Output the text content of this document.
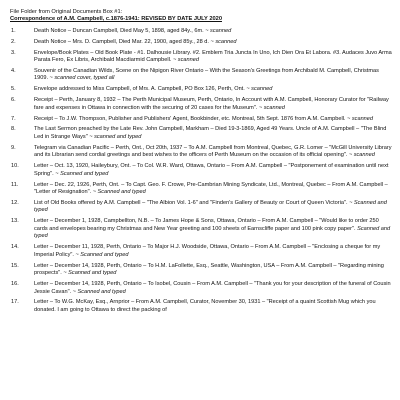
File Folder from Original Documents Box #1:
Correspondence of A.M. Campbell, c.1876-1941: REVISED BY DATE JULY 2020
1.	Death Notice – Duncan Campbell, Died May 5, 1898, aged 84y., 6m. ~ scanned
2.	Death Notice – Mrs. D. Campbell, Died Mar. 22, 1900, aged 85y., 28 d. ~ scanned
3.	Envelope/Book Plates – Old Book Plate - #1. Dalhousie Library. #2. Emblem Tria Juncta In Uno, Ich Dien Ora Et Labora. #3. Audaces Juvo Arma Parata Fero, Ex Libris, Archibald Macdiarmid Campbell. ~ scanned
4.	Souvenir of the Canadian Wilds, Scene on the Nipigon River Ontario – With the Season's Greetings from Archibald M. Campbell, Christmas 1909. ~ scanned cover, typed all
5.	Envelope addressed to Miss Campbell, of Mrs. A. Campbell, PO Box 126, Perth, Ont. ~ scanned
6.	Receipt – Perth, January 8, 1932 – The Perth Municipal Museum, Perth, Ontario, In Account with A.M. Campbell, Honorary Curator for "Railway fare and expenses in Ottawa in connection with the securing of 20 cases for the Museum". ~ scanned
7.	Receipt – To J.W. Thompson, Publisher and Publishers' Agent, Bookbinder, etc. Montreal, 5th Sept. 1876 from A.M. Campbell. ~ scanned
8.	The Last Sermon preached by the Late Rev. John Campbell, Markham – Died 19-3-1869, Aged 49 Years. Uncle of A.M. Campbell – "The Blind Led in Strange Ways" ~ scanned and typed
9.	Telegram via Canadian Pacific – Perth, Ont., Oct 20th, 1937 – To A.M. Campbell from Montreal, Quebec, G.R. Lomer – "McGill University Library and its Librarian send cordial greetings and best wishes to the officers of Perth Museum on the occasion of its official opening". ~ scanned
10.	Letter – Oct. 13, 1920, Haileybury, Ont. – To Col. W.R. Ward, Ottawa, Ontario – From A.M. Campbell – "Postponement of examination until next Spring". ~ Scanned and typed
11.	Letter – Dec. 22, 1926, Perth, Ont. – To Capt. Geo. F. Crowe, Pre-Cambrian Mining Syndicate, Ltd., Montreal, Quebec – From A.M. Campbell – "Letter of Resignation". ~ Scanned and typed
12.	List of Old Books offered by A.M. Campbell – "The Albion Vol. 1-6" and "Finden's Gallery of Beauty or Court of Queen Victoria". ~ Scanned and typed
13.	Letter – December 1, 1928, Campbellton, N.B. – To James Hope & Sons, Ottawa, Ontario – From A.M. Campbell – "Would like to order 250 cards and envelopes bearing my Christmas and New Year greeting and 100 sheets of Earnscliffe paper and 100 pink copy paper". Scanned and typed
14.	Letter – December 11, 1928, Perth, Ontario – To Major H.J. Woodside, Ottawa, Ontario – From A.M. Campbell – "Enclosing a cheque for my Imperial Policy". ~ Scanned and typed
15.	Letter – December 14, 1928, Perth, Ontario – To H.M. LaFollette, Esq., Seattle, Washington, USA – From A.M. Campbell – "Regarding mining prospects". ~ Scanned and typed
16.	Letter – December 14, 1928, Perth, Ontario – To Isobel, Cousin – From A.M. Campbell – "Thank you for your description of the funeral of Cousin Jessie Cavan". ~ Scanned and typed
17.	Letter – To W.G. McKay, Esq., Arnprior – From A.M. Campbell, Curator, November 30, 1931 – "Receipt of a quaint Scottish Mug which you donated. I am going to Ottawa to direct the packing of
